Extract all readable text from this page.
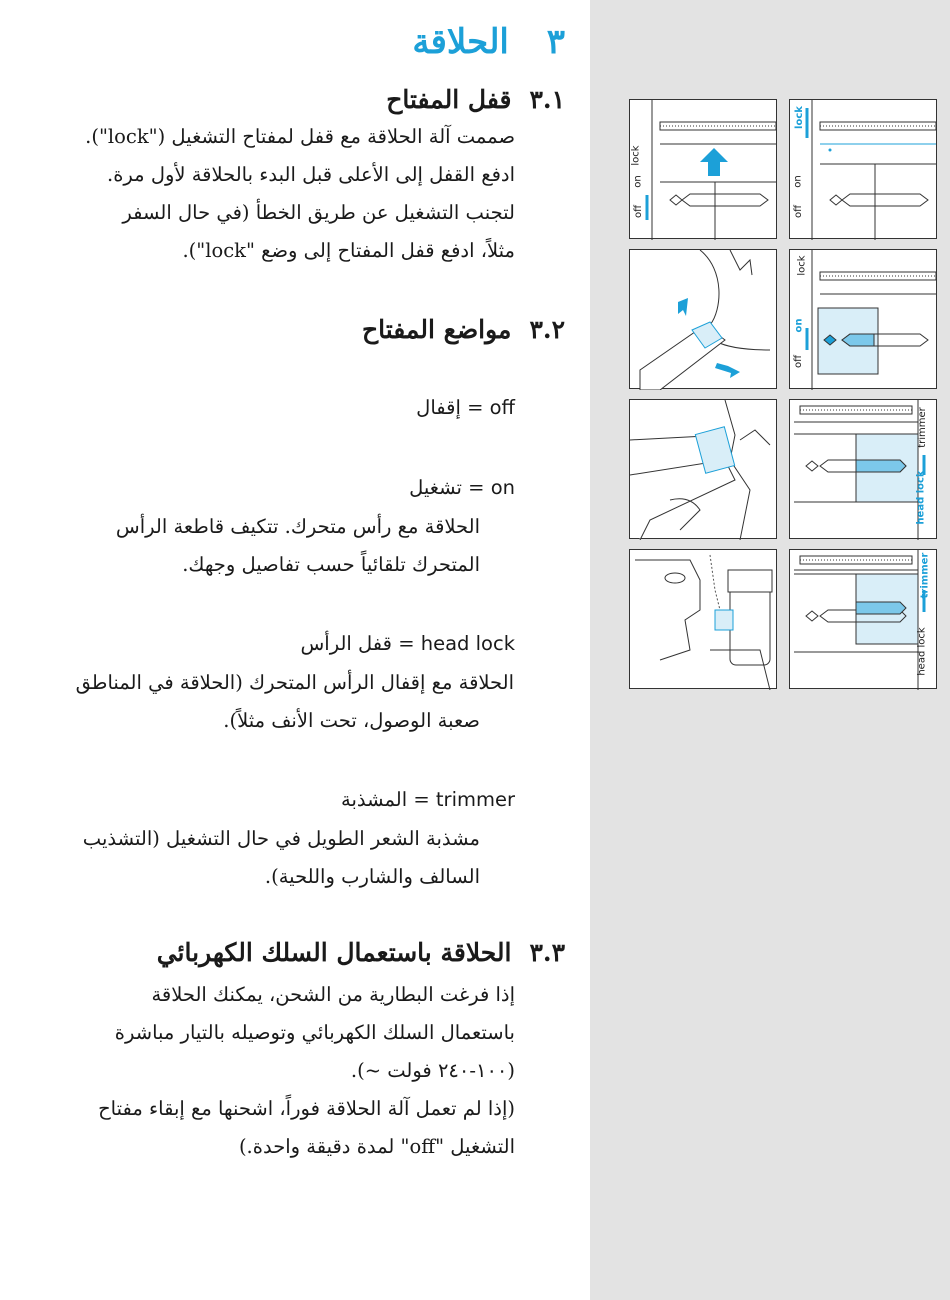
٣ الحلاقة
٣.١قفل المفتاح
صممت آلة الحلاقة مع قفل لمفتاح التشغيل ("lock").
ادفع القفل إلى الأعلى قبل البدء بالحلاقة لأول مرة.
لتجنب التشغيل عن طريق الخطأ (في حال السفر
مثلاً، ادفع قفل المفتاح إلى وضع "lock").
٣.٢مواضع المفتاح
off = إقفال
on = تشغيل
الحلاقة مع رأس متحرك. تتكيف قاطعة الرأس
المتحرك تلقائياً حسب تفاصيل وجهك.
head lock = قفل الرأس
الحلاقة مع إقفال الرأس المتحرك (الحلاقة في المناطق
صعبة الوصول، تحت الأنف مثلاً).
trimmer = المشذبة
مشذبة الشعر الطويل في حال التشغيل (التشذيب
السالف والشارب واللحية).
٣.٣الحلاقة باستعمال السلك الكهربائي
إذا فرغت البطارية من الشحن، يمكنك الحلاقة
باستعمال السلك الكهربائي وتوصيله بالتيار مباشرة
(١٠٠-٢٤٠ فولت ~).
(إذا لم تعمل آلة الحلاقة فوراً، اشحنها مع إبقاء مفتاح
التشغيل "off" لمدة دقيقة واحدة.)
lock
on
off
lock
on
off
lock
on
off
trimmer
head lock
trimmer
head lock
